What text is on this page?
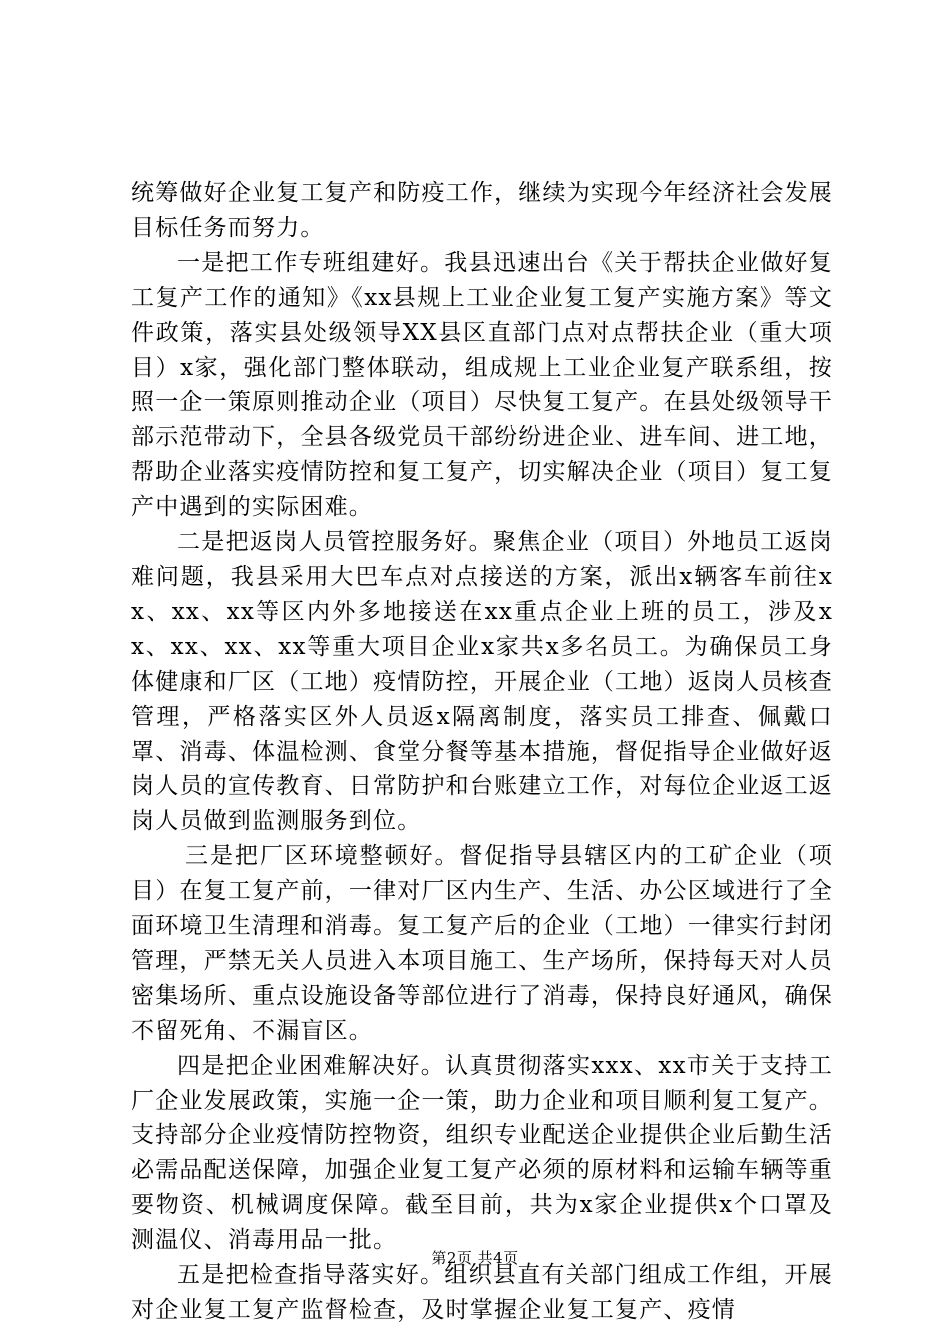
统筹做好企业复工复产和防疫工作，继续为实现今年经济社会发展目标任务而努力。

一是把工作专班组建好。我县迅速出台《关于帮扶企业做好复工复产工作的通知》《xx县规上工业企业复工复产实施方案》等文件政策，落实县处级领导XX县区直部门点对点帮扶企业（重大项目）x家，强化部门整体联动，组成规上工业企业复产联系组，按照一企一策原则推动企业（项目）尽快复工复产。在县处级领导干部示范带动下，全县各级党员干部纷纷进企业、进车间、进工地，帮助企业落实疫情防控和复工复产，切实解决企业（项目）复工复产中遇到的实际困难。

二是把返岗人员管控服务好。聚焦企业（项目）外地员工返岗难问题，我县采用大巴车点对点接送的方案，派出x辆客车前往xx、xx、xx等区内外多地接送在xx重点企业上班的员工，涉及xx、xx、xx、xx等重大项目企业x家共x多名员工。为确保员工身体健康和厂区（工地）疫情防控，开展企业（工地）返岗人员核查管理，严格落实区外人员返x隔离制度，落实员工排查、佩戴口罩、消毒、体温检测、食堂分餐等基本措施，督促指导企业做好返岗人员的宣传教育、日常防护和台账建立工作，对每位企业返工返岗人员做到监测服务到位。

三是把厂区环境整顿好。督促指导县辖区内的工矿企业（项目）在复工复产前，一律对厂区内生产、生活、办公区域进行了全面环境卫生清理和消毒。复工复产后的企业（工地）一律实行封闭管理，严禁无关人员进入本项目施工、生产场所，保持每天对人员密集场所、重点设施设备等部位进行了消毒，保持良好通风，确保不留死角、不漏盲区。

四是把企业困难解决好。认真贯彻落实xxx、xx市关于支持工厂企业发展政策，实施一企一策，助力企业和项目顺利复工复产。支持部分企业疫情防控物资，组织专业配送企业提供企业后勤生活必需品配送保障，加强企业复工复产必须的原材料和运输车辆等重要物资、机械调度保障。截至目前，共为x家企业提供x个口罩及测温仪、消毒用品一批。

五是把检查指导落实好。组织县直有关部门组成工作组，开展对企业复工复产监督检查，及时掌握企业复工复产、疫情

第2页 共4页
